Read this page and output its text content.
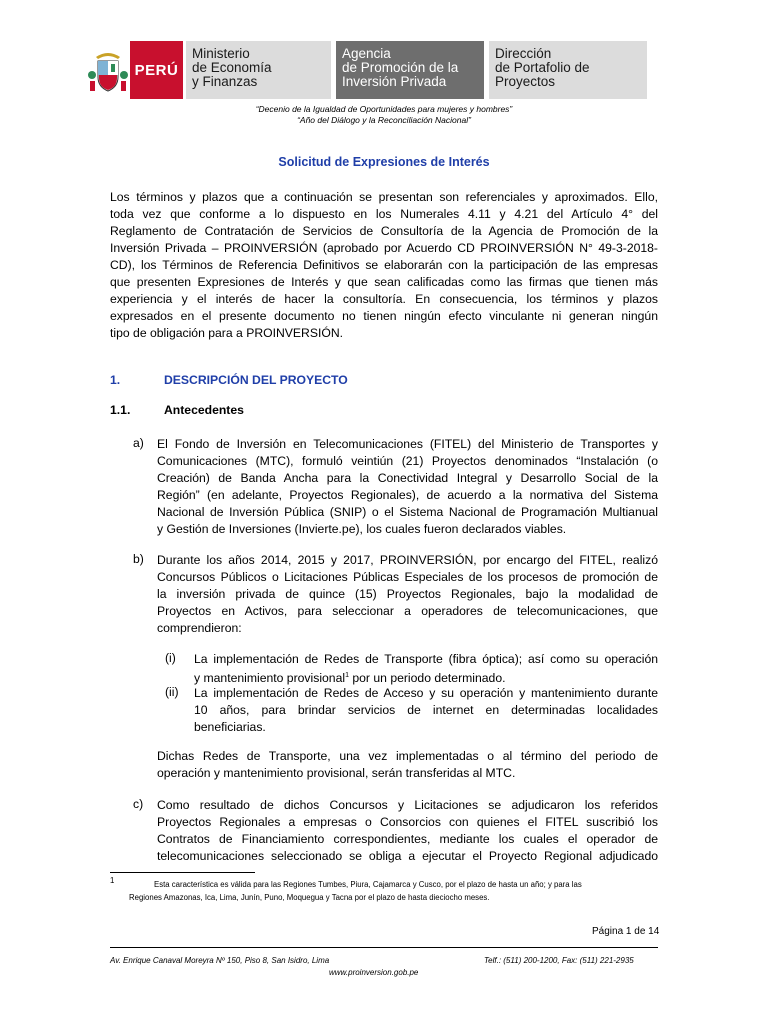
PERÚ
Ministerio
de Economía
y Finanzas
Agencia
de Promoción de la
Inversión Privada
Dirección
de Portafolio de
Proyectos
“Decenio de la Igualdad de Oportunidades para mujeres y hombres”
“Año del Diálogo y la Reconciliación Nacional”
Solicitud de Expresiones de Interés
Los términos y plazos que a continuación se presentan son referenciales y aproximados. Ello,
toda vez que conforme a lo dispuesto en los Numerales 4.11 y 4.21 del Artículo 4° del
Reglamento de Contratación de Servicios de Consultoría de la Agencia de Promoción de la
Inversión Privada – PROINVERSIÓN (aprobado por Acuerdo CD PROINVERSIÓN N° 49-3-2018-
CD), los Términos de Referencia Definitivos se elaborarán con la participación de las empresas
que presenten Expresiones de Interés y que sean calificadas como las firmas que tienen más
experiencia y el interés de hacer la consultoría. En consecuencia, los términos y plazos
expresados en el presente documento no tienen ningún efecto vinculante ni generan ningún
tipo de obligación para a PROINVERSIÓN.
1.	DESCRIPCIÓN DEL PROYECTO
1.1.	Antecedentes
a) El Fondo de Inversión en Telecomunicaciones (FITEL) del Ministerio de Transportes y
Comunicaciones (MTC), formuló veintiún (21) Proyectos denominados “Instalación (o
Creación) de Banda Ancha para la Conectividad Integral y Desarrollo Social de la
Región” (en adelante, Proyectos Regionales), de acuerdo a la normativa del Sistema
Nacional de Inversión Pública (SNIP) o el Sistema Nacional de Programación Multianual
y Gestión de Inversiones (Invierte.pe), los cuales fueron declarados viables.
b) Durante los años 2014, 2015 y 2017, PROINVERSIÓN, por encargo del FITEL, realizó
Concursos Públicos o Licitaciones Públicas Especiales de los procesos de promoción de
la inversión privada de quince (15) Proyectos Regionales, bajo la modalidad de
Proyectos en Activos, para seleccionar a operadores de telecomunicaciones, que
comprendieron:
(i) La implementación de Redes de Transporte (fibra óptica); así como su operación
y mantenimiento provisional$^1$ por un periodo determinado.
(ii) La implementación de Redes de Acceso y su operación y mantenimiento durante
10 años, para brindar servicios de internet en determinadas localidades
beneficiarias.
Dichas Redes de Transporte, una vez implementadas o al término del periodo de
operación y mantenimiento provisional, serán transferidas al MTC.
c) Como resultado de dichos Concursos y Licitaciones se adjudicaron los referidos
Proyectos Regionales a empresas o Consorcios con quienes el FITEL suscribió los
Contratos de Financiamiento correspondientes, mediante los cuales el operador de
telecomunicaciones seleccionado se obliga a ejecutar el Proyecto Regional adjudicado
1	Esta característica es válida para las Regiones Tumbes, Piura, Cajamarca y Cusco, por el plazo de hasta un año; y para las
Regiones Amazonas, Ica, Lima, Junín, Puno, Moquegua y Tacna por el plazo de hasta dieciocho meses.
Página 1 de 14
Av. Enrique Canaval Moreyra Nº 150, Piso 8, San Isidro, Lima	Telf.: (511) 200-1200, Fax: (511) 221-2935
www.proinversion.gob.pe
